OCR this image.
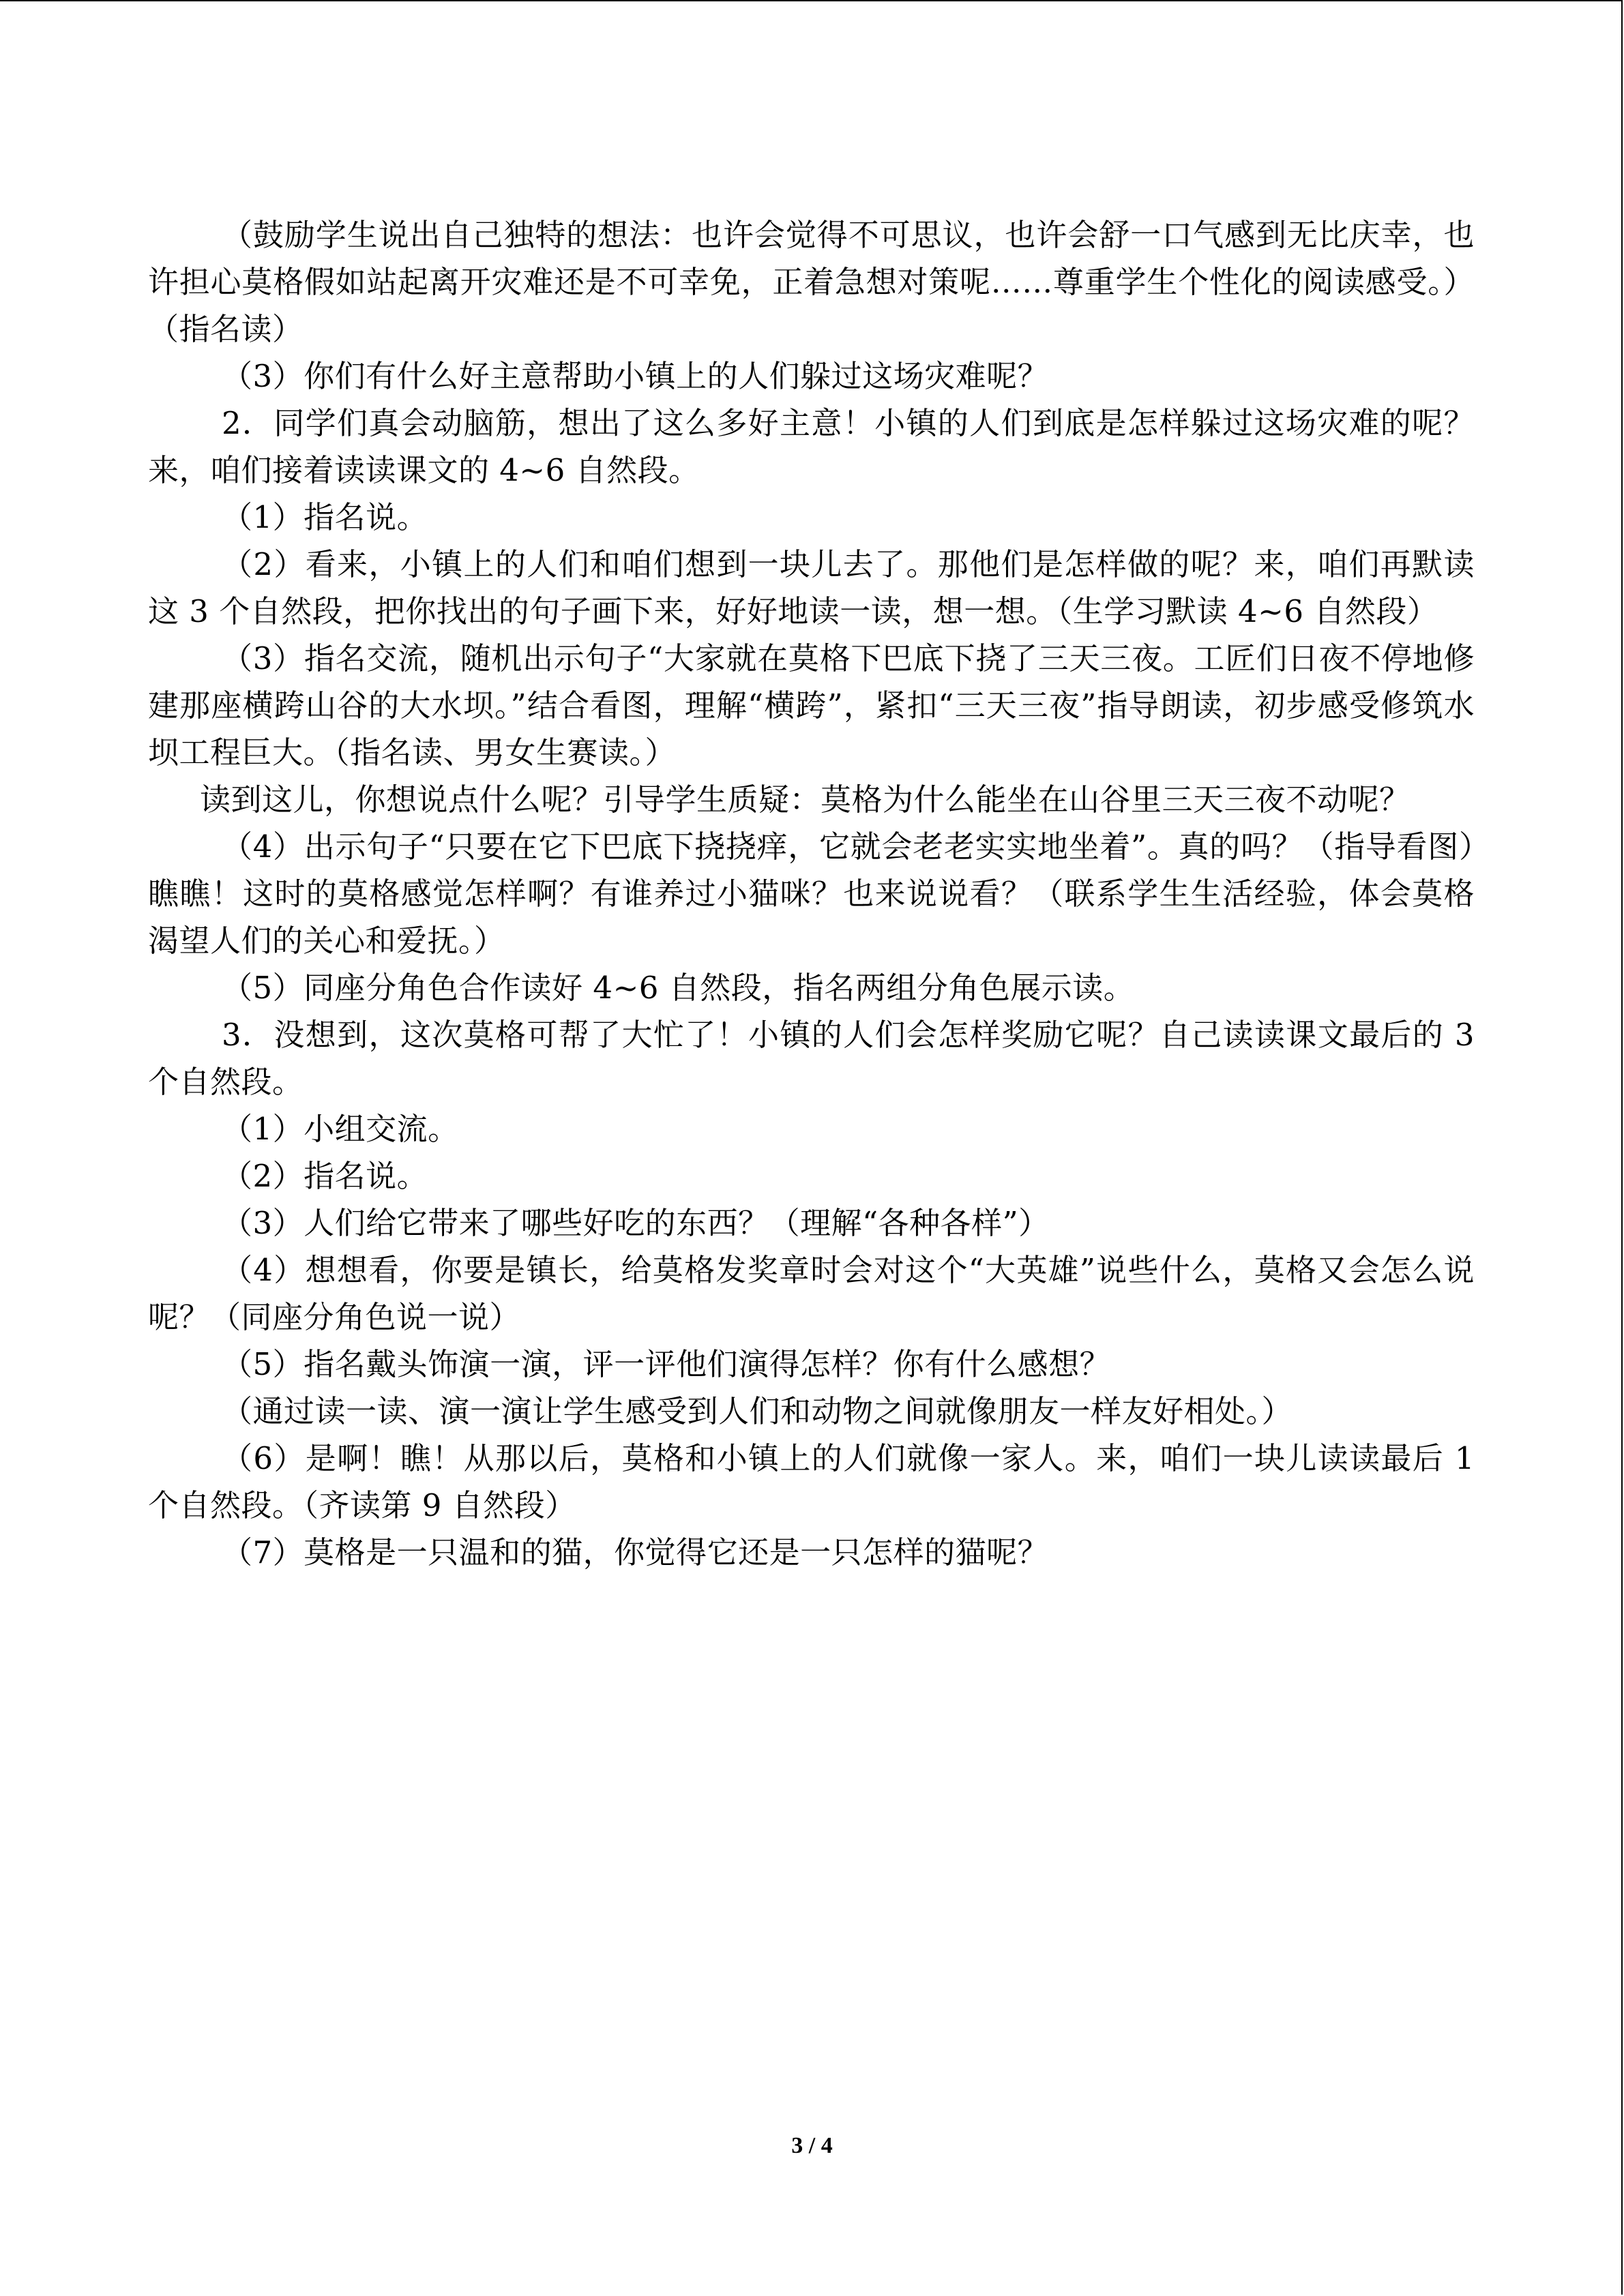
（鼓励学生说出自己独特的想法：也许会觉得不可思议，也许会舒一口气感到无比庆幸，也许担心莫格假如站起离开灾难还是不可幸免，正着急想对策呢……尊重学生个性化的阅读感受。）（指名读）

（3）你们有什么好主意帮助小镇上的人们躲过这场灾难呢？

2．同学们真会动脑筋，想出了这么多好主意！小镇的人们到底是怎样躲过这场灾难的呢？来，咱们接着读读课文的 4~6 自然段。

（1）指名说。

（2）看来，小镇上的人们和咱们想到一块儿去了。那他们是怎样做的呢？来，咱们再默读这 3 个自然段，把你找出的句子画下来，好好地读一读，想一想。（生学习默读 4~6 自然段）

（3）指名交流，随机出示句子“大家就在莫格下巴底下挠了三天三夜。工匠们日夜不停地修建那座横跨山谷的大水坝。”结合看图，理解“横跨”，紧扣“三天三夜”指导朗读，初步感受修筑水坝工程巨大。（指名读、男女生赛读。）

读到这儿，你想说点什么呢？引导学生质疑：莫格为什么能坐在山谷里三天三夜不动呢？

（4）出示句子“只要在它下巴底下挠挠痒，它就会老老实实地坐着”。真的吗？（指导看图）瞧瞧！这时的莫格感觉怎样啊？有谁养过小猫咪？也来说说看？（联系学生生活经验，体会莫格渴望人们的关心和爱抚。）

（5）同座分角色合作读好 4~6 自然段，指名两组分角色展示读。

3．没想到，这次莫格可帮了大忙了！小镇的人们会怎样奖励它呢？自己读读课文最后的 3 个自然段。

（1）小组交流。

（2）指名说。

（3）人们给它带来了哪些好吃的东西？（理解“各种各样”）

（4）想想看，你要是镇长，给莫格发奖章时会对这个“大英雄”说些什么，莫格又会怎么说呢？（同座分角色说一说）

（5）指名戴头饰演一演，评一评他们演得怎样？你有什么感想？

（通过读一读、演一演让学生感受到人们和动物之间就像朋友一样友好相处。）

（6）是啊！瞧！从那以后，莫格和小镇上的人们就像一家人。来，咱们一块儿读读最后 1 个自然段。（齐读第 9 自然段）

（7）莫格是一只温和的猫，你觉得它还是一只怎样的猫呢？

3 / 4
